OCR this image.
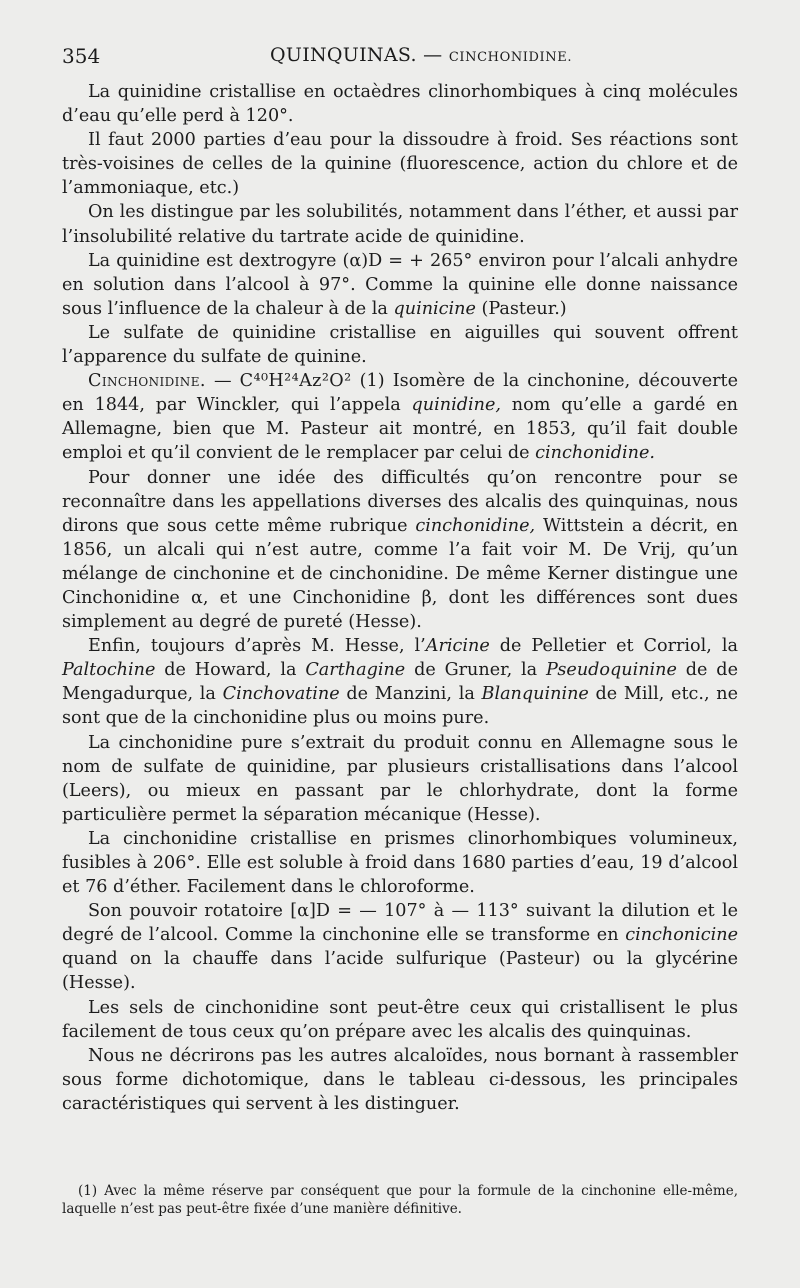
354	QUINQUINAS. — CINCHONIDINE.

La quinidine cristallise en octaèdres clinorhombiques à cinq molécules d’eau qu’elle perd à 120°.

Il faut 2000 parties d’eau pour la dissoudre à froid. Ses réactions sont très-voisines de celles de la quinine (fluorescence, action du chlore et de l’ammoniaque, etc.)

On les distingue par les solubilités, notamment dans l’éther, et aussi par l’insolubilité relative du tartrate acide de quinidine.

La quinidine est dextrogyre (α)D = + 265° environ pour l’alcali anhydre en solution dans l’alcool à 97°. Comme la quinine elle donne naissance sous l’influence de la chaleur à de la quinicine (Pasteur.)

Le sulfate de quinidine cristallise en aiguilles qui souvent offrent l’apparence du sulfate de quinine.

Cinchonidine. — C⁴⁰H²⁴Az²O² (1) Isomère de la cinchonine, découverte en 1844, par Winckler, qui l’appela quinidine, nom qu’elle a gardé en Allemagne, bien que M. Pasteur ait montré, en 1853, qu’il fait double emploi et qu’il convient de le remplacer par celui de cinchonidine.

Pour donner une idée des difficultés qu’on rencontre pour se reconnaître dans les appellations diverses des alcalis des quinquinas, nous dirons que sous cette même rubrique cinchonidine, Wittstein a décrit, en 1856, un alcali qui n’est autre, comme l’a fait voir M. De Vrij, qu’un mélange de cinchonine et de cinchonidine. De même Kerner distingue une Cinchonidine α, et une Cinchonidine β, dont les différences sont dues simplement au degré de pureté (Hesse).

Enfin, toujours d’après M. Hesse, l’Aricine de Pelletier et Corriol, la Paltochine de Howard, la Carthagine de Gruner, la Pseudoquinine de de Mengadurque, la Cinchovatine de Manzini, la Blanquinine de Mill, etc., ne sont que de la cinchonidine plus ou moins pure.

La cinchonidine pure s’extrait du produit connu en Allemagne sous le nom de sulfate de quinidine, par plusieurs cristallisations dans l’alcool (Leers), ou mieux en passant par le chlorhydrate, dont la forme particulière permet la séparation mécanique (Hesse).

La cinchonidine cristallise en prismes clinorhombiques volumineux, fusibles à 206°. Elle est soluble à froid dans 1680 parties d’eau, 19 d’alcool et 76 d’éther. Facilement dans le chloroforme.

Son pouvoir rotatoire [α]D = — 107° à — 113° suivant la dilution et le degré de l’alcool. Comme la cinchonine elle se transforme en cinchonicine quand on la chauffe dans l’acide sulfurique (Pasteur) ou la glycérine (Hesse).

Les sels de cinchonidine sont peut-être ceux qui cristallisent le plus facilement de tous ceux qu’on prépare avec les alcalis des quinquinas.

Nous ne décrirons pas les autres alcaloïdes, nous bornant à rassembler sous forme dichotomique, dans le tableau ci-dessous, les principales caractéristiques qui servent à les distinguer.

(1) Avec la même réserve par conséquent que pour la formule de la cinchonine elle-même, laquelle n’est pas peut-être fixée d’une manière définitive.
